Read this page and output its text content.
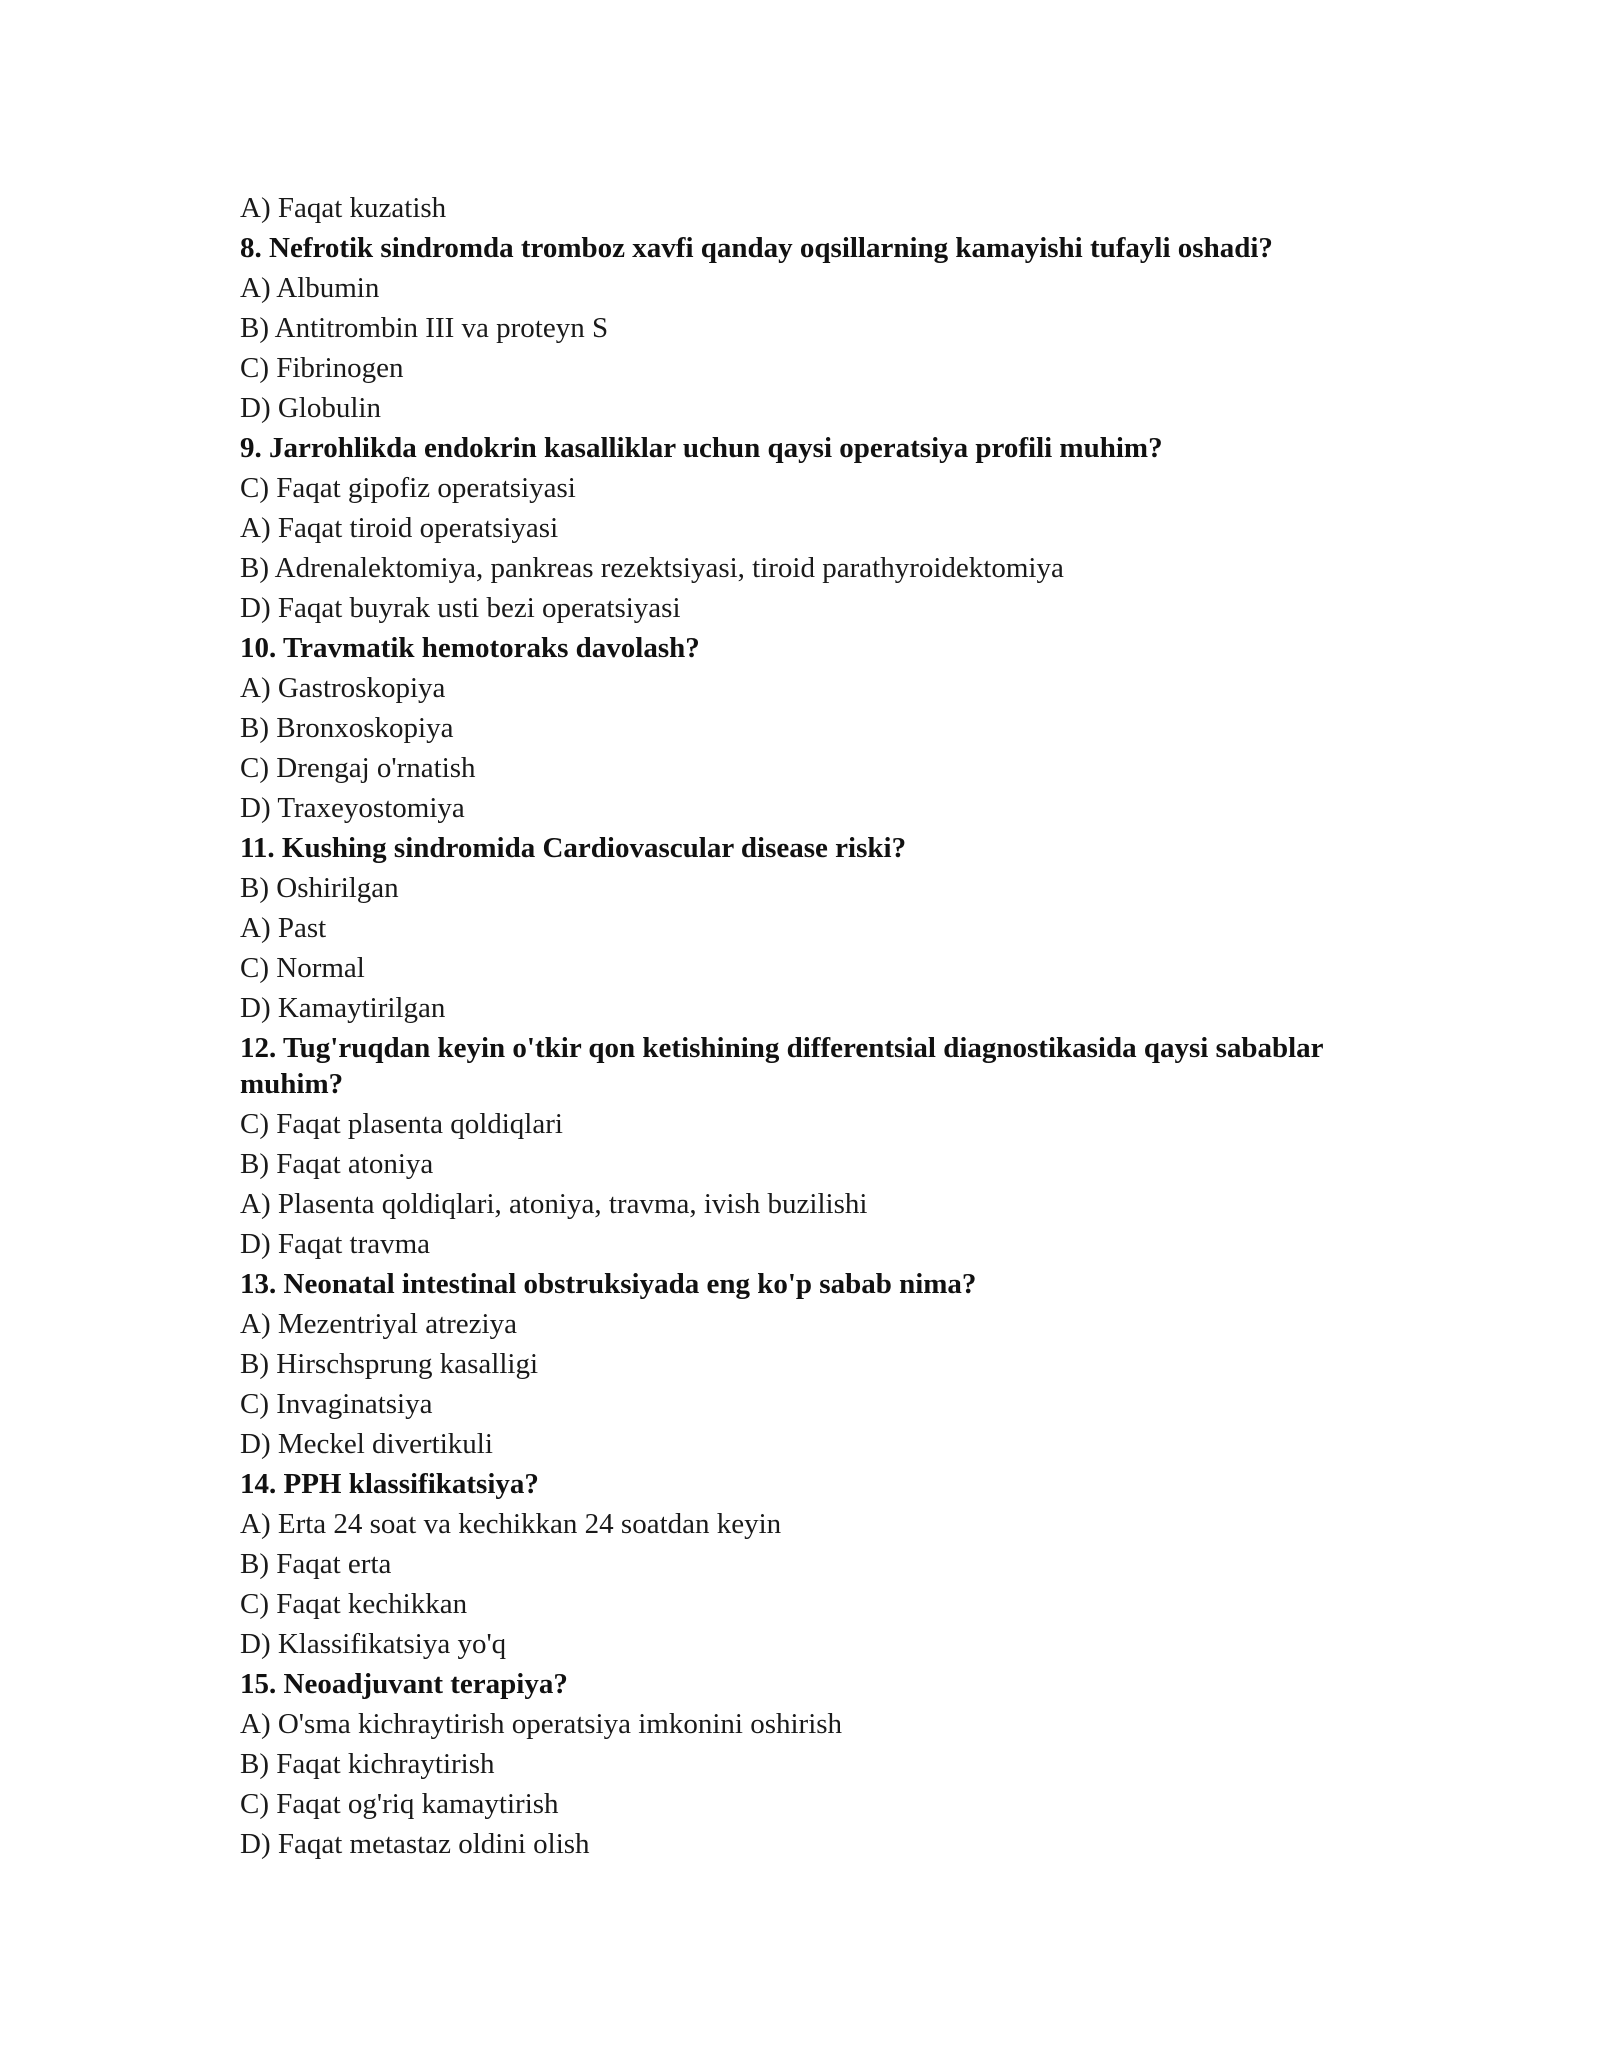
A) Faqat kuzatish

8. Nefrotik sindromda tromboz xavfi qanday oqsillarning kamayishi tufayli oshadi?

A) Albumin

B) Antitrombin III va proteyn S

C) Fibrinogen

D) Globulin

9. Jarrohlikda endokrin kasalliklar uchun qaysi operatsiya profili muhim?

C) Faqat gipofiz operatsiyasi

A) Faqat tiroid operatsiyasi

B) Adrenalektomiya, pankreas rezektsiyasi, tiroid parathyroidektomiya

D) Faqat buyrak usti bezi operatsiyasi

10. Travmatik hemotoraks davolash?

A) Gastroskopiya

B) Bronxoskopiya

C) Drengaj o'rnatish

D) Traxeyostomiya

11. Kushing sindromida Cardiovascular disease riski?

B) Oshirilgan

A) Past

C) Normal

D) Kamaytirilgan

12. Tug'ruqdan keyin o'tkir qon ketishining differentsial diagnostikasida qaysi sabablar muhim?

C) Faqat plasenta qoldiqlari

B) Faqat atoniya

A) Plasenta qoldiqlari, atoniya, travma, ivish buzilishi

D) Faqat travma

13. Neonatal intestinal obstruksiyada eng ko'p sabab nima?

A) Mezentriyal atreziya

B) Hirschsprung kasalligi

C) Invaginatsiya

D) Meckel divertikuli

14. PPH klassifikatsiya?

A) Erta 24 soat va kechikkan 24 soatdan keyin

B) Faqat erta

C) Faqat kechikkan

D) Klassifikatsiya yo'q

15. Neoadjuvant terapiya?

A) O'sma kichraytirish operatsiya imkonini oshirish

B) Faqat kichraytirish

C) Faqat og'riq kamaytirish

D) Faqat metastaz oldini olish
